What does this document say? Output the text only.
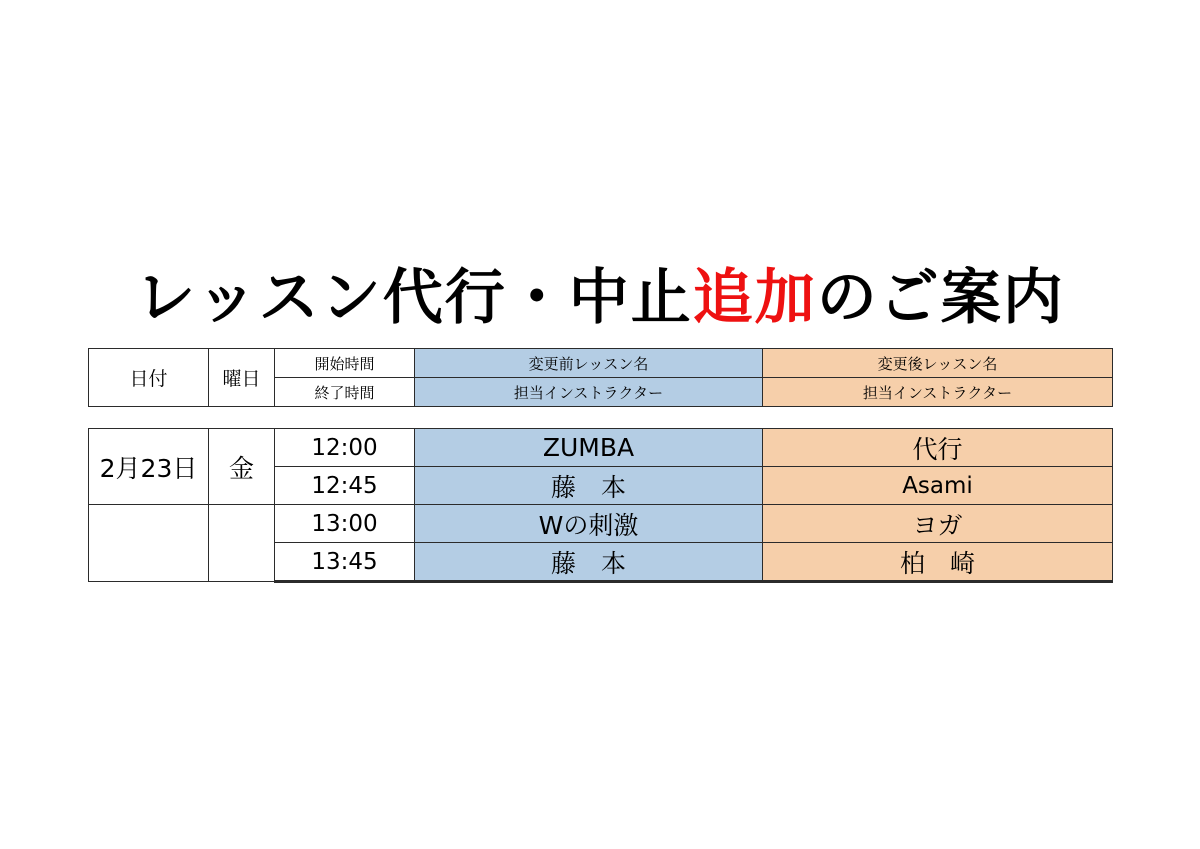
レッスン代行・中止追加のご案内
日付	曜日	開始時間	変更前レッスン名	変更後レッスン名
		終了時間	担当インストラクター	担当インストラクター
2月23日	金	12:00	ZUMBA	代行
		12:45	藤　本	Asami
		13:00	Wの刺激	ヨガ
		13:45	藤　本	柏　崎
